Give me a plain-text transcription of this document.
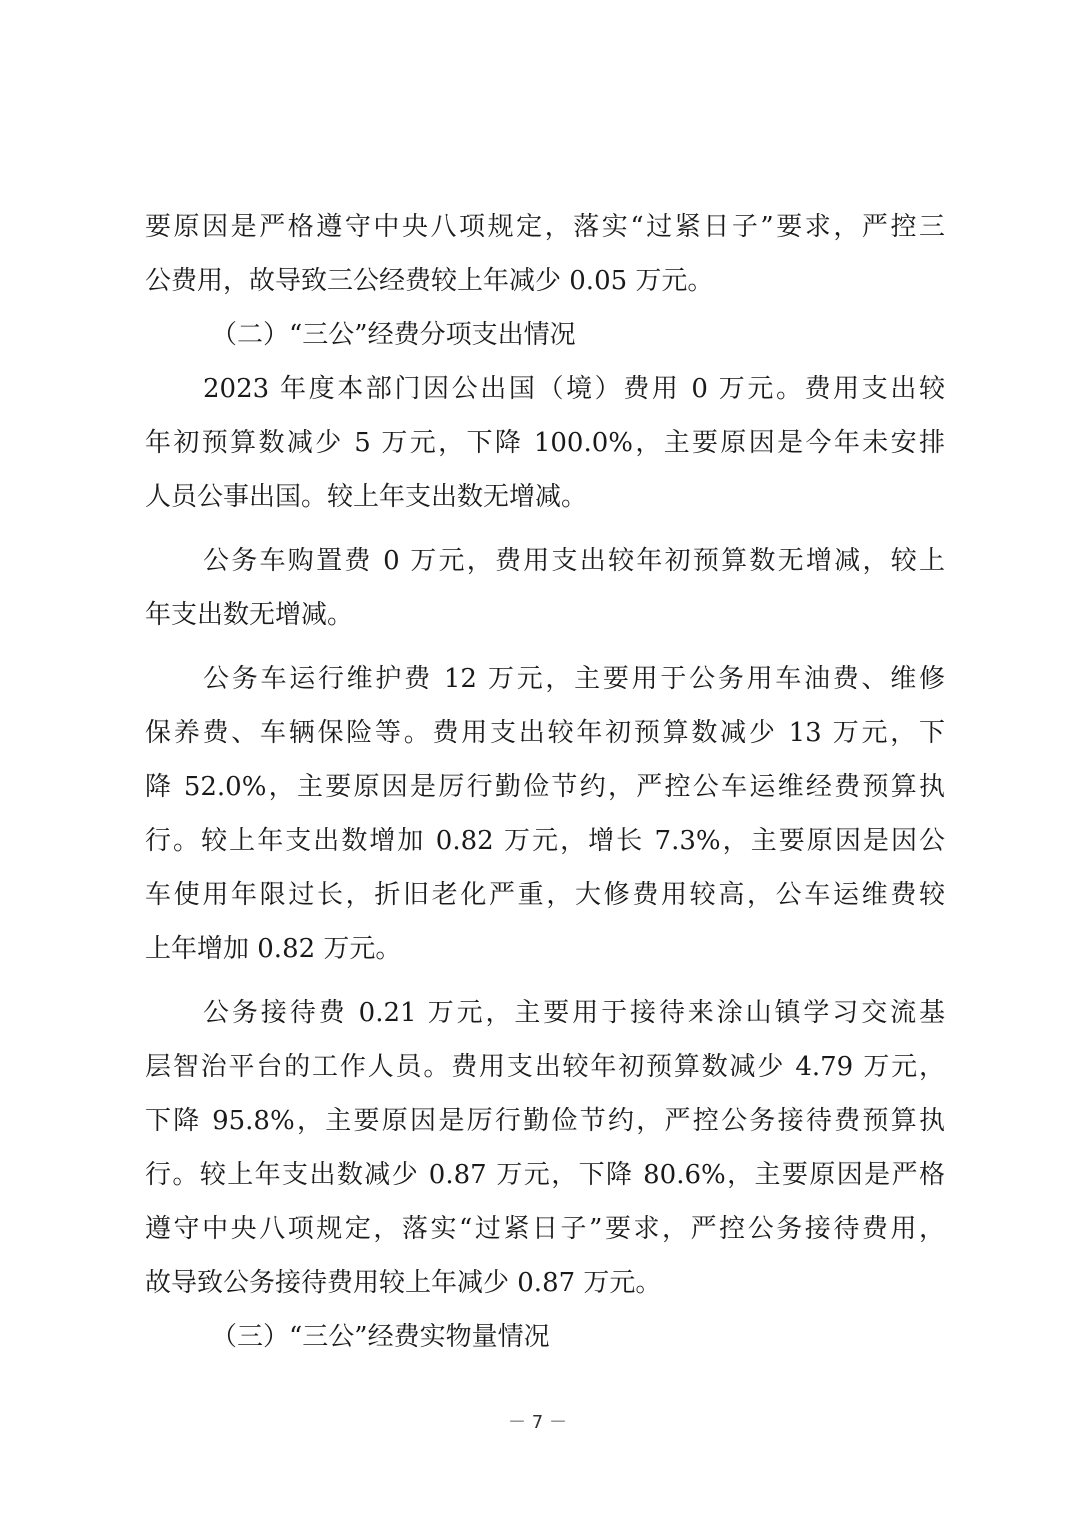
要原因是严格遵守中央八项规定，落实“过紧日子”要求，严控三
公费用，故导致三公经费较上年减少 0.05 万元。
（二）“三公”经费分项支出情况
2023 年度本部门因公出国（境）费用 0 万元。费用支出较
年初预算数减少 5 万元，下降 100.0%，主要原因是今年未安排
人员公事出国。较上年支出数无增减。
公务车购置费 0 万元，费用支出较年初预算数无增减，较上
年支出数无增减。
公务车运行维护费 12 万元，主要用于公务用车油费、维修
保养费、车辆保险等。费用支出较年初预算数减少 13 万元，下
降 52.0%，主要原因是厉行勤俭节约，严控公车运维经费预算执
行。较上年支出数增加 0.82 万元，增长 7.3%，主要原因是因公
车使用年限过长，折旧老化严重，大修费用较高，公车运维费较
上年增加 0.82 万元。
公务接待费 0.21 万元，主要用于接待来涂山镇学习交流基
层智治平台的工作人员。费用支出较年初预算数减少 4.79 万元，
下降 95.8%，主要原因是厉行勤俭节约，严控公务接待费预算执
行。较上年支出数减少 0.87 万元，下降 80.6%，主要原因是严格
遵守中央八项规定，落实“过紧日子”要求，严控公务接待费用，
故导致公务接待费用较上年减少 0.87 万元。
（三）“三公”经费实物量情况
－ 7 －
